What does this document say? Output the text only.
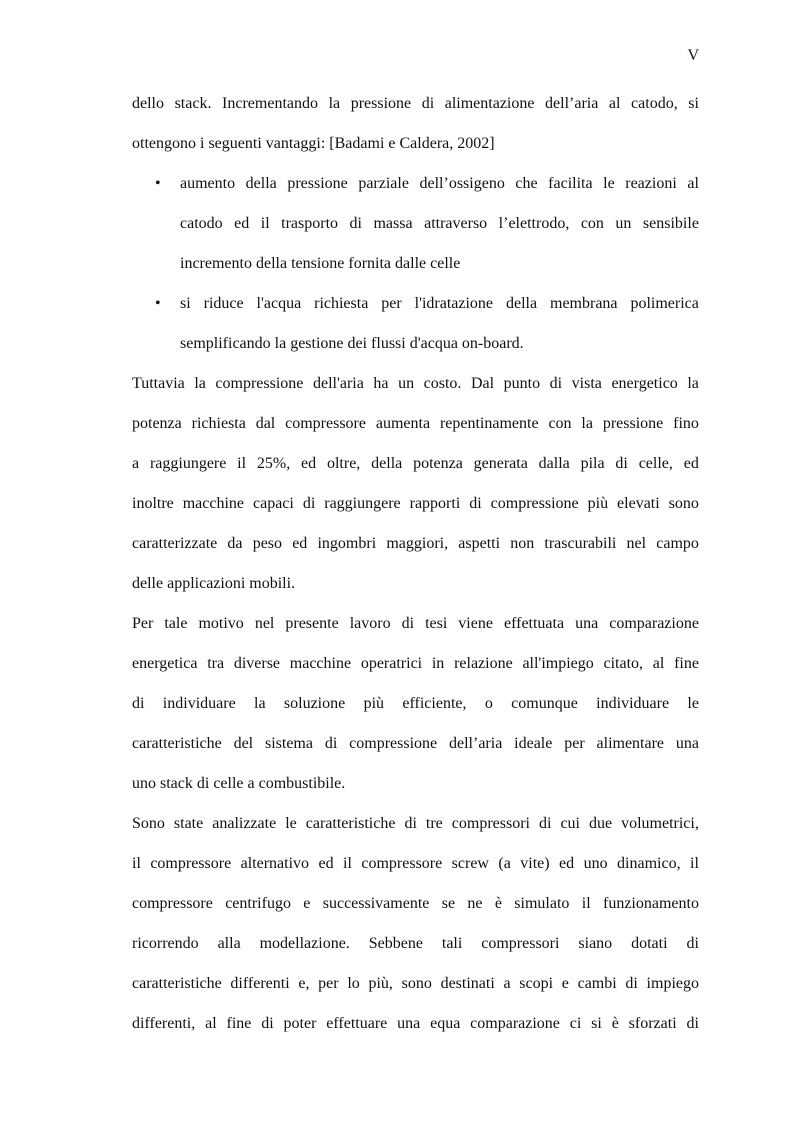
V
dello stack. Incrementando la pressione di alimentazione dell’aria al catodo, si
ottengono i seguenti vantaggi: [Badami e Caldera, 2002]
• aumento della pressione parziale dell’ossigeno che facilita le reazioni al
catodo ed il trasporto di massa attraverso l’elettrodo, con un sensibile
incremento della tensione fornita dalle celle
• si riduce l'acqua richiesta per l'idratazione della membrana polimerica
semplificando la gestione dei flussi d'acqua on-board.
Tuttavia la compressione dell'aria ha un costo. Dal punto di vista energetico la
potenza richiesta dal compressore aumenta repentinamente con la pressione fino
a raggiungere il 25%, ed oltre, della potenza generata dalla pila di celle, ed
inoltre macchine capaci di raggiungere rapporti di compressione più elevati sono
caratterizzate da peso ed ingombri maggiori, aspetti non trascurabili nel campo
delle applicazioni mobili.
Per tale motivo nel presente lavoro di tesi viene effettuata una comparazione
energetica tra diverse macchine operatrici in relazione all'impiego citato, al fine
di individuare la soluzione più efficiente, o comunque individuare le
caratteristiche del sistema di compressione dell’aria ideale per alimentare una
uno stack di celle a combustibile.
Sono state analizzate le caratteristiche di tre compressori di cui due volumetrici,
il compressore alternativo ed il compressore screw (a vite) ed uno dinamico, il
compressore centrifugo e successivamente se ne è simulato il funzionamento
ricorrendo alla modellazione. Sebbene tali compressori siano dotati di
caratteristiche differenti e, per lo più, sono destinati a scopi e cambi di impiego
differenti, al fine di poter effettuare una equa comparazione ci si è sforzati di
